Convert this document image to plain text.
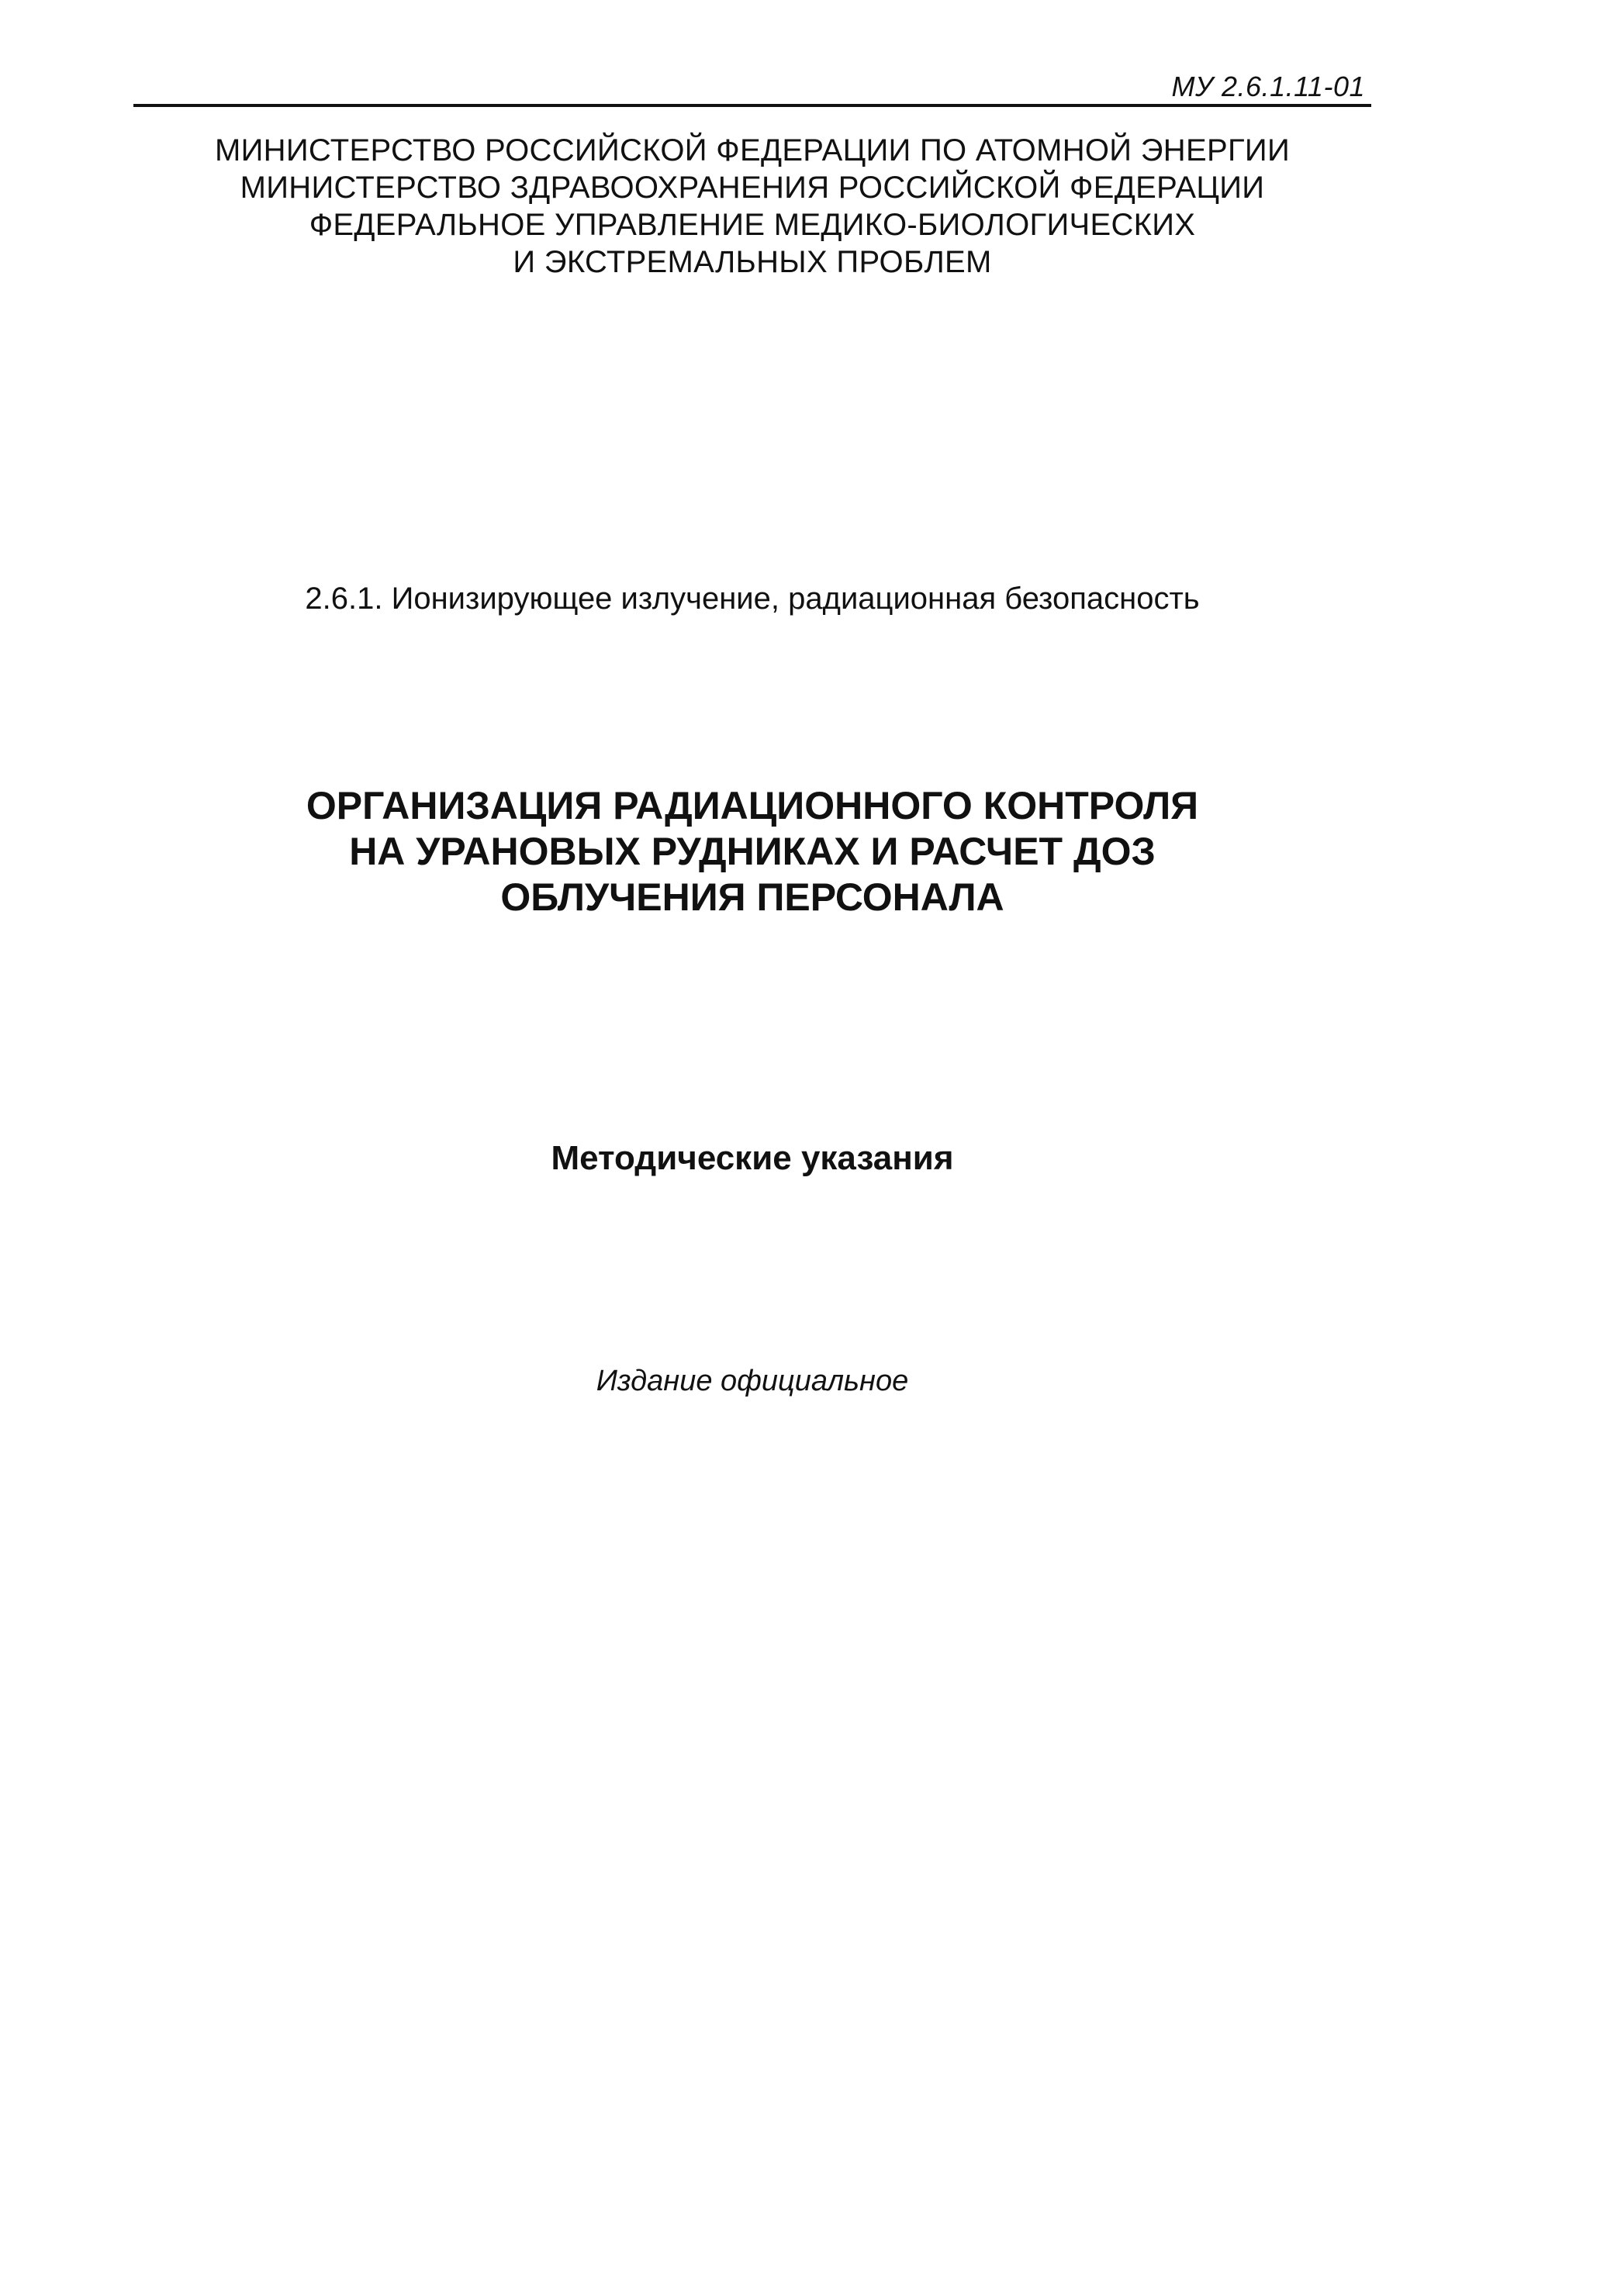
МУ 2.6.1.11-01
МИНИСТЕРСТВО РОССИЙСКОЙ ФЕДЕРАЦИИ ПО АТОМНОЙ ЭНЕРГИИ
МИНИСТЕРСТВО ЗДРАВООХРАНЕНИЯ РОССИЙСКОЙ ФЕДЕРАЦИИ
ФЕДЕРАЛЬНОЕ УПРАВЛЕНИЕ МЕДИКО-БИОЛОГИЧЕСКИХ
И ЭКСТРЕМАЛЬНЫХ ПРОБЛЕМ
2.6.1. Ионизирующее излучение, радиационная безопасность
ОРГАНИЗАЦИЯ РАДИАЦИОННОГО КОНТРОЛЯ
НА УРАНОВЫХ РУДНИКАХ И РАСЧЕТ ДОЗ
ОБЛУЧЕНИЯ ПЕРСОНАЛА
Методические указания
Издание официальное
